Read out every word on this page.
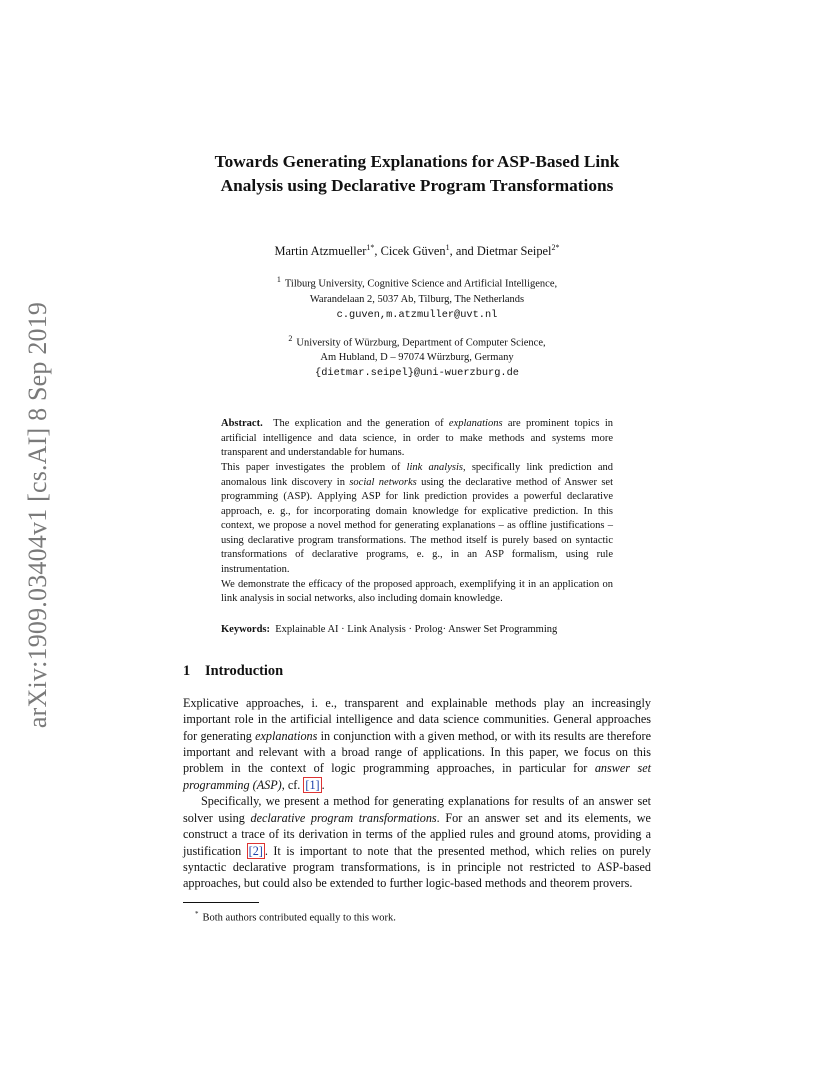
arXiv:1909.03404v1 [cs.AI] 8 Sep 2019
Towards Generating Explanations for ASP-Based Link
Analysis using Declarative Program Transformations

Martin Atzmueller$^{1*}$, Cicek Güven$^1$, and Dietmar Seipel$^{2*}$

$^1$ Tilburg University, Cognitive Science and Artificial Intelligence,
Warandelaan 2, 5037 Ab, Tilburg, The Netherlands
c.guven,m.atzmuller@uvt.nl
$^2$ University of Würzburg, Department of Computer Science,
Am Hubland, D – 97074 Würzburg, Germany
{dietmar.seipel}@uni-wuerzburg.de

Abstract. The explication and the generation of explanations are prominent topics in artificial intelligence and data science, in order to make methods and systems more transparent and understandable for humans.

This paper investigates the problem of link analysis, specifically link prediction and anomalous link discovery in social networks using the declarative method of Answer set programming (ASP). Applying ASP for link prediction provides a powerful declarative approach, e. g., for incorporating domain knowledge for explicative prediction. In this context, we propose a novel method for generating explanations – as offline justifications – using declarative program transformations. The method itself is purely based on syntactic transformations of declarative programs, e. g., in an ASP formalism, using rule instrumentation.

We demonstrate the efficacy of the proposed approach, exemplifying it in an application on link analysis in social networks, also including domain knowledge.

Keywords: Explainable AI · Link Analysis · Prolog· Answer Set Programming
1 Introduction

Explicative approaches, i. e., transparent and explainable methods play an increasingly important role in the artificial intelligence and data science communities. General approaches for generating explanations in conjunction with a given method, or with its results are therefore important and relevant with a broad range of applications. In this paper, we focus on this problem in the context of logic programming approaches, in particular for answer set programming (ASP), cf. [1] .

Specifically, we present a method for generating explanations for results of an answer set solver using declarative program transformations. For an answer set and its elements, we construct a trace of its derivation in terms of the applied rules and ground atoms, providing a justification [2] . It is important to note that the presented method, which relies on purely syntactic declarative program transformations, is in principle not restricted to ASP-based approaches, but could also be extended to further logic-based methods and theorem provers.

* Both authors contributed equally to this work.
